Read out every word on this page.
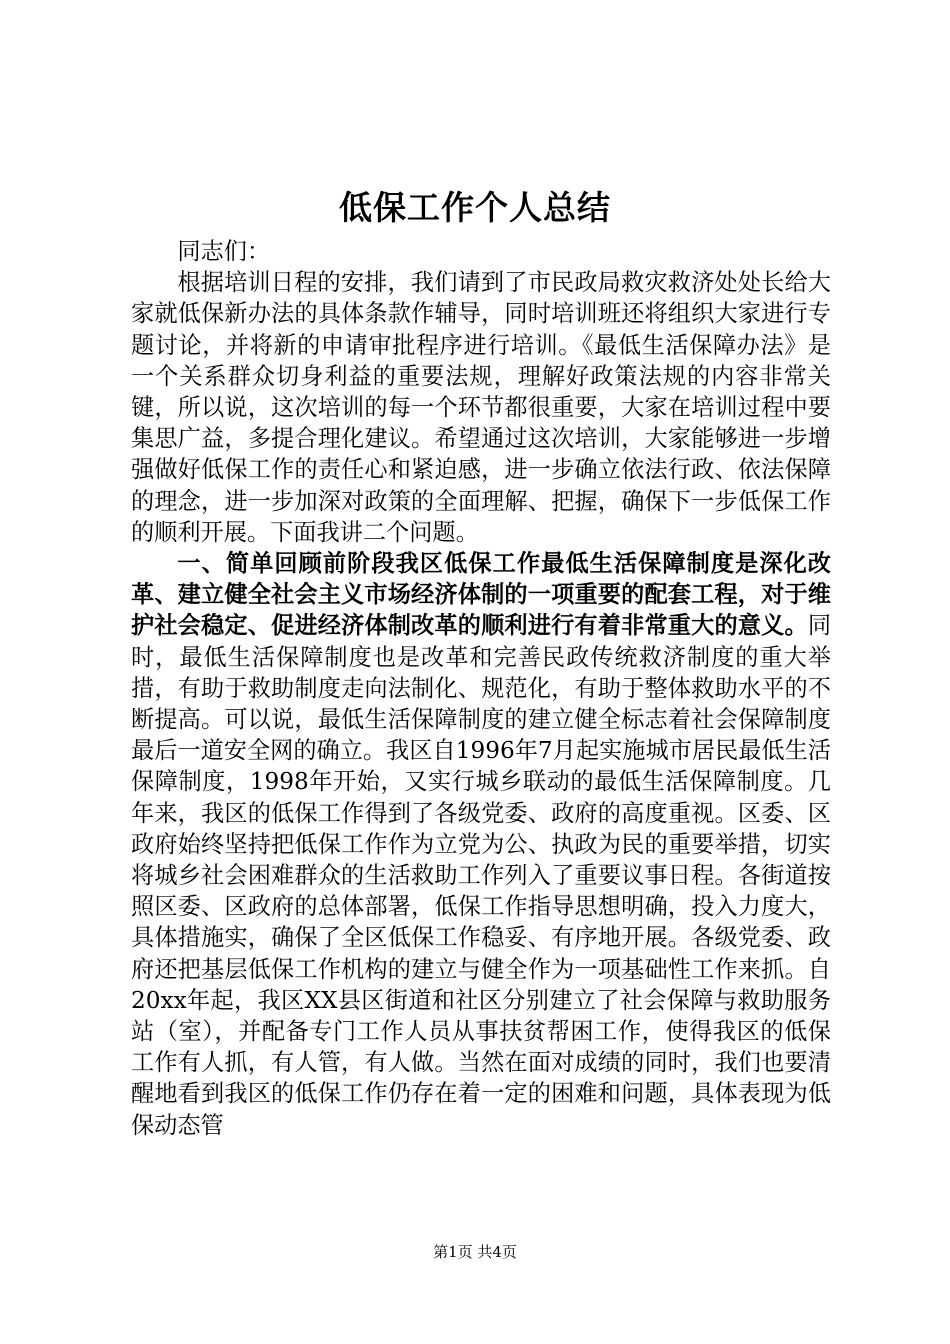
低保工作个人总结

同志们：

根据培训日程的安排，我们请到了市民政局救灾救济处处长给大家就低保新办法的具体条款作辅导，同时培训班还将组织大家进行专题讨论，并将新的申请审批程序进行培训。《最低生活保障办法》是一个关系群众切身利益的重要法规，理解好政策法规的内容非常关键，所以说，这次培训的每一个环节都很重要，大家在培训过程中要集思广益，多提合理化建议。希望通过这次培训，大家能够进一步增强做好低保工作的责任心和紧迫感，进一步确立依法行政、依法保障的理念，进一步加深对政策的全面理解、把握，确保下一步低保工作的顺利开展。下面我讲二个问题。

一、简单回顾前阶段我区低保工作最低生活保障制度是深化改革、建立健全社会主义市场经济体制的一项重要的配套工程，对于维护社会稳定、促进经济体制改革的顺利进行有着非常重大的意义。同时，最低生活保障制度也是改革和完善民政传统救济制度的重大举措，有助于救助制度走向法制化、规范化，有助于整体救助水平的不断提高。可以说，最低生活保障制度的建立健全标志着社会保障制度最后一道安全网的确立。我区自1996年7月起实施城市居民最低生活保障制度，1998年开始，又实行城乡联动的最低生活保障制度。几年来，我区的低保工作得到了各级党委、政府的高度重视。区委、区政府始终坚持把低保工作作为立党为公、执政为民的重要举措，切实将城乡社会困难群众的生活救助工作列入了重要议事日程。各街道按照区委、区政府的总体部署，低保工作指导思想明确，投入力度大，具体措施实，确保了全区低保工作稳妥、有序地开展。各级党委、政府还把基层低保工作机构的建立与健全作为一项基础性工作来抓。自20xx年起，我区XX县区街道和社区分别建立了社会保障与救助服务站（室），并配备专门工作人员从事扶贫帮困工作，使得我区的低保工作有人抓，有人管，有人做。当然在面对成绩的同时，我们也要清醒地看到我区的低保工作仍存在着一定的困难和问题，具体表现为低保动态管

第1页 共4页
